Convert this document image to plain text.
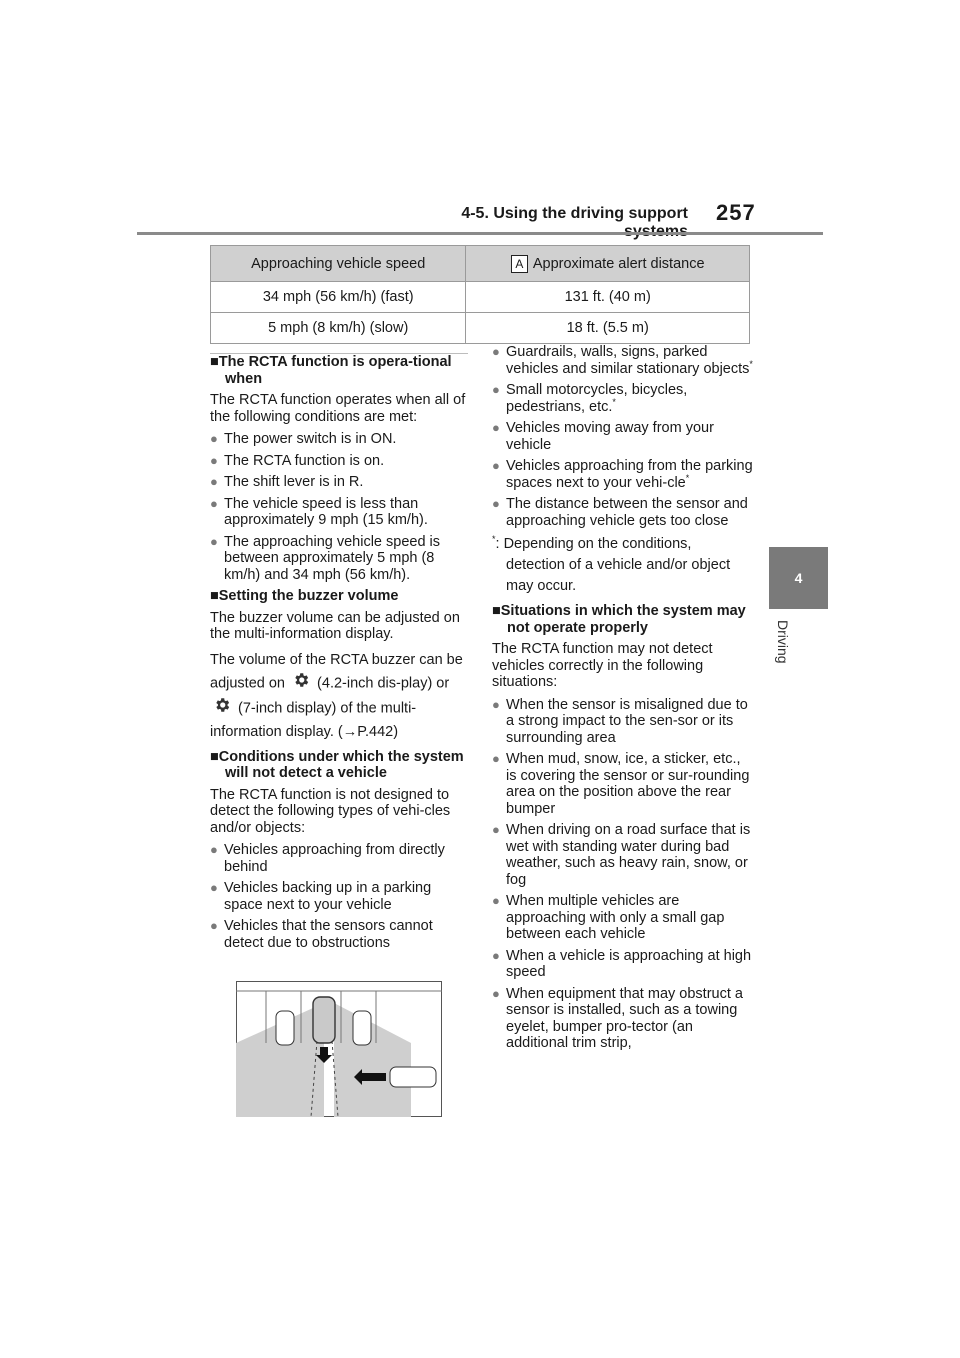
4-5. Using the driving support 257
4
Driving
Approaching vehicle speed	A Approximate alert distance
34 mph (56 km/h) (fast)	131 ft. (40 m)
5 mph (8 km/h) (slow)	18 ft. (5.5 m)

■The RCTA function is opera-tional when

The RCTA function operates when all of the following conditions are met:

● The power switch is in ON.
● The RCTA function is on.
● The shift lever is in R.
● The vehicle speed is less than approximately 9 mph (15 km/h).
● The approaching vehicle speed is between approximately 5 mph (8 km/h) and 34 mph (56 km/h).

■Setting the buzzer volume

The buzzer volume can be adjusted on the multi-information display.

The volume of the RCTA buzzer can be adjusted on (4.2-inch dis-play) or  (7-inch display) of the multi-information display. (→P.442)

■Conditions under which the system will not detect a vehicle

The RCTA function is not designed to detect the following types of vehi-cles and/or objects:

● Vehicles approaching from directly behind
● Vehicles backing up in a parking space next to your vehicle
● Vehicles that the sensors cannot detect due to obstructions
● Guardrails, walls, signs, parked vehicles and similar stationary objects*
● Small motorcycles, bicycles, pedestrians, etc.*
● Vehicles moving away from your vehicle
● Vehicles approaching from the parking spaces next to your vehi-cle*
● The distance between the sensor and approaching vehicle gets too close

*: Depending on the conditions, detection of a vehicle and/or object may occur.

■Situations in which the system may not operate properly

The RCTA function may not detect vehicles correctly in the following situations:

● When the sensor is misaligned due to a strong impact to the sen-sor or its surrounding area
● When mud, snow, ice, a sticker, etc., is covering the sensor or sur-rounding area on the position above the rear bumper
● When driving on a road surface that is wet with standing water during bad weather, such as heavy rain, snow, or fog
● When multiple vehicles are approaching with only a small gap between each vehicle
● When a vehicle is approaching at high speed
● When equipment that may obstruct a sensor is installed, such as a towing eyelet, bumper pro-tector (an additional trim strip,
